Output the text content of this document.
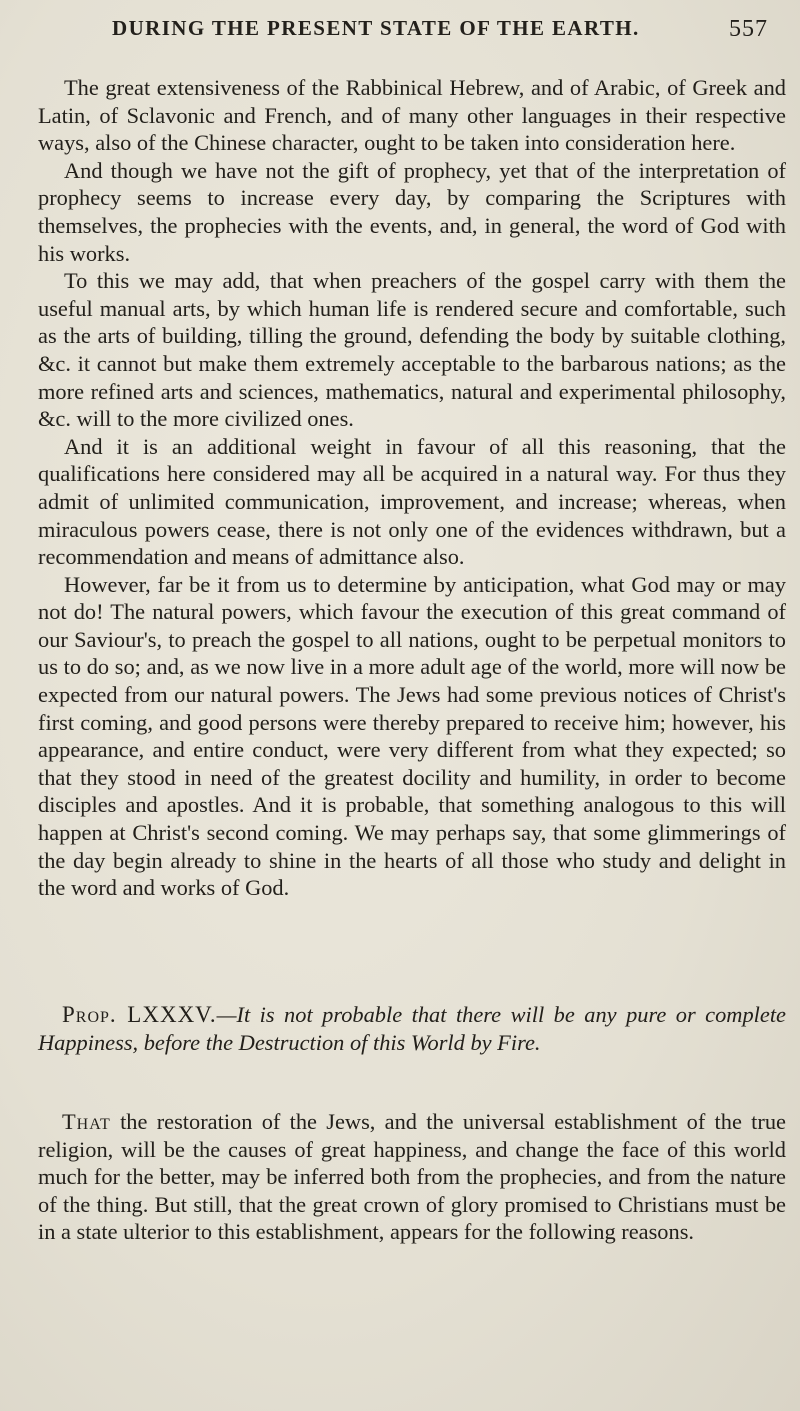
DURING THE PRESENT STATE OF THE EARTH.	557

The great extensiveness of the Rabbinical Hebrew, and of Arabic, of Greek and Latin, of Sclavonic and French, and of many other languages in their respective ways, also of the Chinese character, ought to be taken into consideration here.

And though we have not the gift of prophecy, yet that of the interpretation of prophecy seems to increase every day, by comparing the Scriptures with themselves, the prophecies with the events, and, in general, the word of God with his works.

To this we may add, that when preachers of the gospel carry with them the useful manual arts, by which human life is rendered secure and comfortable, such as the arts of building, tilling the ground, defending the body by suitable clothing, &c. it cannot but make them extremely acceptable to the barbarous nations; as the more refined arts and sciences, mathematics, natural and experimental philosophy, &c. will to the more civilized ones.

And it is an additional weight in favour of all this reasoning, that the qualifications here considered may all be acquired in a natural way. For thus they admit of unlimited communication, improvement, and increase; whereas, when miraculous powers cease, there is not only one of the evidences withdrawn, but a recommendation and means of admittance also.

However, far be it from us to determine by anticipation, what God may or may not do! The natural powers, which favour the execution of this great command of our Saviour's, to preach the gospel to all nations, ought to be perpetual monitors to us to do so; and, as we now live in a more adult age of the world, more will now be expected from our natural powers. The Jews had some previous notices of Christ's first coming, and good persons were thereby prepared to receive him; however, his appearance, and entire conduct, were very different from what they expected; so that they stood in need of the greatest docility and humility, in order to become disciples and apostles. And it is probable, that something analogous to this will happen at Christ's second coming. We may perhaps say, that some glimmerings of the day begin already to shine in the hearts of all those who study and delight in the word and works of God.

Prop. LXXXV.—It is not probable that there will be any pure or complete Happiness, before the Destruction of this World by Fire.

That the restoration of the Jews, and the universal establishment of the true religion, will be the causes of great happiness, and change the face of this world much for the better, may be inferred both from the prophecies, and from the nature of the thing. But still, that the great crown of glory promised to Christians must be in a state ulterior to this establishment, appears for the following reasons.
